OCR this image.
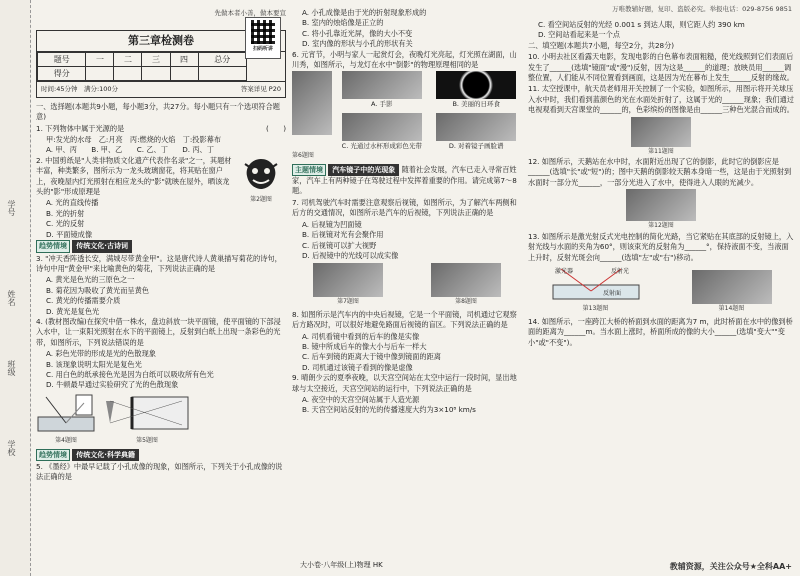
学号
姓名
班级
学校
万唯教辅好题，复印、盗版必究。举报电话：029-8756 9851
先做本者小善，做本要宣
第三章检测卷
扫码听讲
题号	一	二	三	四	总分
得分					
时间:45分钟　满分:100分	答案详见 P20

一、选择题(本题共9小题，每小题3分，共27分。每小题只有一个选项符合题意)

1. 下列物体中属于光源的是	(　　)

甲:发光的水母　乙:月亮　丙:燃烧的火焰　丁:投影幕布

A. 甲、丙　　B. 甲、乙　　C. 乙、丁　　D. 丙、丁

2. 中国剪纸是"人类非物质文化遗产代表作名录"之一，其题材丰富，种类繁多，图所示为一龙头玻璃窗花，将其贴在窗户上，夜晚屋内灯光照射在相应龙头的"影"就映在屋外，晒该龙头的"影"形成原理是

A. 光的直线传播

B. 光的折射

C. 光的反射

D. 平面镜成像

第2题图

趋势情境 传统文化·古诗词

3. "冲天香阵透长安，满城尽带黄金甲"。这是唐代诗人黄巢描写菊花的诗句，诗句中用"黄金甲"来比喻黄色的菊花，下列说法正确的是

A. 黄光是色光的三原色之一

B. 菊花因为吸收了黄光而呈黄色

C. 黄光的传播需要介质

D. 黄光是复色光

4. (教材图改编)在探究中借一株水，盘边斜放一块平面镜，使平面镜的下部浸入水中，让一束阳光照射在水下的平面镜上，反射到白纸上出现一条彩色的光带，如图所示，下列说法错误的是

A. 彩色光带的形成是光的色散现象

B. 该现象说明太阳光是复色光

C. 用白色的纸承接色光是因为白纸可以吸收所有色光

D. 牛顿最早通过实验研究了光的色散现象

第4题图	第5题图

趋势情境 传统文化·科学典籍

5. 《墨经》中最早记载了小孔成像的现象，如图所示，下列关于小孔成像的说法正确的是

A. 小孔成像是由于光的折射现象形成的

B. 室内的烛焰像是正立的

C. 将小孔靠近光屏，像的大小不变

D. 室内像的形状与小孔的形状有关

6. 元宵节，小明与家人一起赏灯会，夜晚灯光亮起，灯光照在湖面，山川秀，如图所示，与龙灯在水中"倒影"的物理原理相同的是

A. 手影	B. 美丽的日环食
C. 光通过水杯形成彩色光带	D. 对着镜子画脸谱
第6题图

主题情境 汽车镜子中的光现象 随着社会发展，汽车已走入寻常百姓家，汽车上有两种镜子在驾驶过程中发挥着重要的作用。请完成第7～8题。

7. 司机驾驶汽车时需要注意观察后视镜，如图所示，为了解汽车两侧和后方的交通情况，如图所示是汽车的后视镜，下列说法正确的是

A. 后视镜为凹面镜

B. 后视镜对光有会聚作用

C. 后视镜可以扩大视野

D. 后视镜中的光线可以成实像

第7题图	第8题图

8. 如图所示是汽车内的中央后视镜，它是一个平面镜，司机通过它观察后方路况时，可以很好地避免路面后视镜的盲区。下列说法正确的是

A. 司机看镜中看到的后车的像是实像

B. 镜中所成后车的像大小与后车一样大

C. 后车到镜的距离大于镜中像到镜面的距离

D. 司机通过该镜子看到的像是虚像

9. 晴朗少云的夏季夜晚，以天宫空间站在太空中运行一段时间，显出地球与太空接近，天宫空间站的运行中，下列说法正确的是

A. 夜空中的天宫空间站属于人造光源

B. 天宫空间站反射的光的传播速度大约为3×10⁸ km/s

大小卷·八年级(上)物理 HK

C. 看空间站反射的光经 0.001 s 到达人眼，则它距人约 390 km

D. 空间站看起来是一个点

二、填空题(本题共7小题，每空2分，共28分)

10. 小明去社区看露天电影，发现电影的白色幕布表面粗糙，使光线照到它们表面后发生了______(选填"镜面"或"漫")反射，因为这是______的道理；放映员用______调整位置，人们能从不同位置看到画面，这是因为光在幕布上发生______反射的缘故。

11. 太空授课中，航天员老师用开关控制了一个实验，如图所示，用图示将开关球压入水中时，我们看到蓝颜色的光在水面处折射了，这属于光的______现象；我们通过电视观看到天宫课堂的______的，色彩缤纷的图像是由______三种色光混合而成的。

第11题图

12. 如图所示，天鹅站在水中时，水面附近出现了它的倒影，此时它的倒影应是______(选填"长"或"短")的；图中天鹅的倒影较天鹅本身暗一些，这是由于光照射到水面时一部分光______，一部分光进入了水中，使得进入人眼的光减少。

第12题图

13. 如图所示是激光射反式光电控制的简化光路，当它紧贴在其底部的反射镜上，入射光线与水面的夹角为60°，则该束光的反射角为______°，保持液面不变，当液面上升时，反射光斑会向______(选填"左"或"右")移动。

激光器	反射光
反射面
第13题图	第14题图

14. 如图所示，一座跨江大桥的桥面到水面的距离为7 m，此时桥面在水中的像到桥面的距离为______m。当水面上涨时，桥面所成的像的大小______(选填"变大""变小"或"不变")。

教辅资源，关注公众号★全科AA+
